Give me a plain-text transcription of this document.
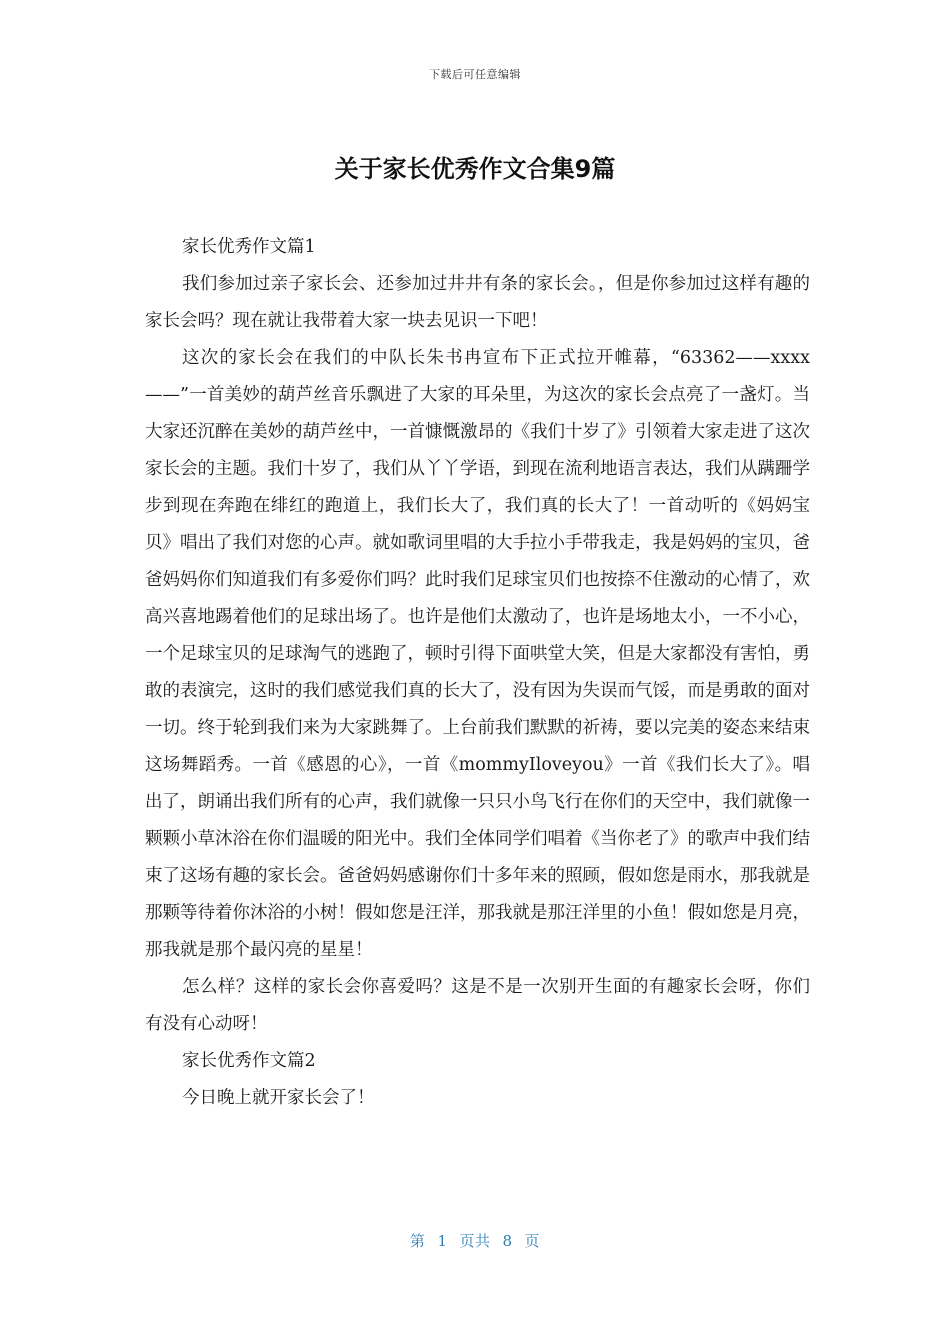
下载后可任意编辑
关于家长优秀作文合集9篇

家长优秀作文篇1

我们参加过亲子家长会、还参加过井井有条的家长会。，但是你参加过这样有趣的家长会吗？现在就让我带着大家一块去见识一下吧！

这次的家长会在我们的中队长朱书冉宣布下正式拉开帷幕，“63362——xxxx——”一首美妙的葫芦丝音乐飘进了大家的耳朵里，为这次的家长会点亮了一盏灯。当大家还沉醉在美妙的葫芦丝中，一首慷慨激昂的《我们十岁了》引领着大家走进了这次家长会的主题。我们十岁了，我们从丫丫学语，到现在流利地语言表达，我们从蹒跚学步到现在奔跑在绯红的跑道上，我们长大了，我们真的长大了！一首动听的《妈妈宝贝》唱出了我们对您的心声。就如歌词里唱的大手拉小手带我走，我是妈妈的宝贝，爸爸妈妈你们知道我们有多爱你们吗？此时我们足球宝贝们也按捺不住激动的心情了，欢高兴喜地踢着他们的足球出场了。也许是他们太激动了，也许是场地太小，一不小心，一个足球宝贝的足球淘气的逃跑了，顿时引得下面哄堂大笑，但是大家都没有害怕，勇敢的表演完，这时的我们感觉我们真的长大了，没有因为失误而气馁，而是勇敢的面对一切。终于轮到我们来为大家跳舞了。上台前我们默默的祈祷，要以完美的姿态来结束这场舞蹈秀。一首《感恩的心》，一首《mommyIloveyou》一首《我们长大了》。唱出了，朗诵出我们所有的心声，我们就像一只只小鸟飞行在你们的天空中，我们就像一颗颗小草沐浴在你们温暖的阳光中。我们全体同学们唱着《当你老了》的歌声中我们结束了这场有趣的家长会。爸爸妈妈感谢你们十多年来的照顾，假如您是雨水，那我就是那颗等待着你沐浴的小树！假如您是汪洋，那我就是那汪洋里的小鱼！假如您是月亮，那我就是那个最闪亮的星星！

怎么样？这样的家长会你喜爱吗？这是不是一次别开生面的有趣家长会呀，你们有没有心动呀！

家长优秀作文篇2

今日晚上就开家长会了！

第 1 页共 8 页
